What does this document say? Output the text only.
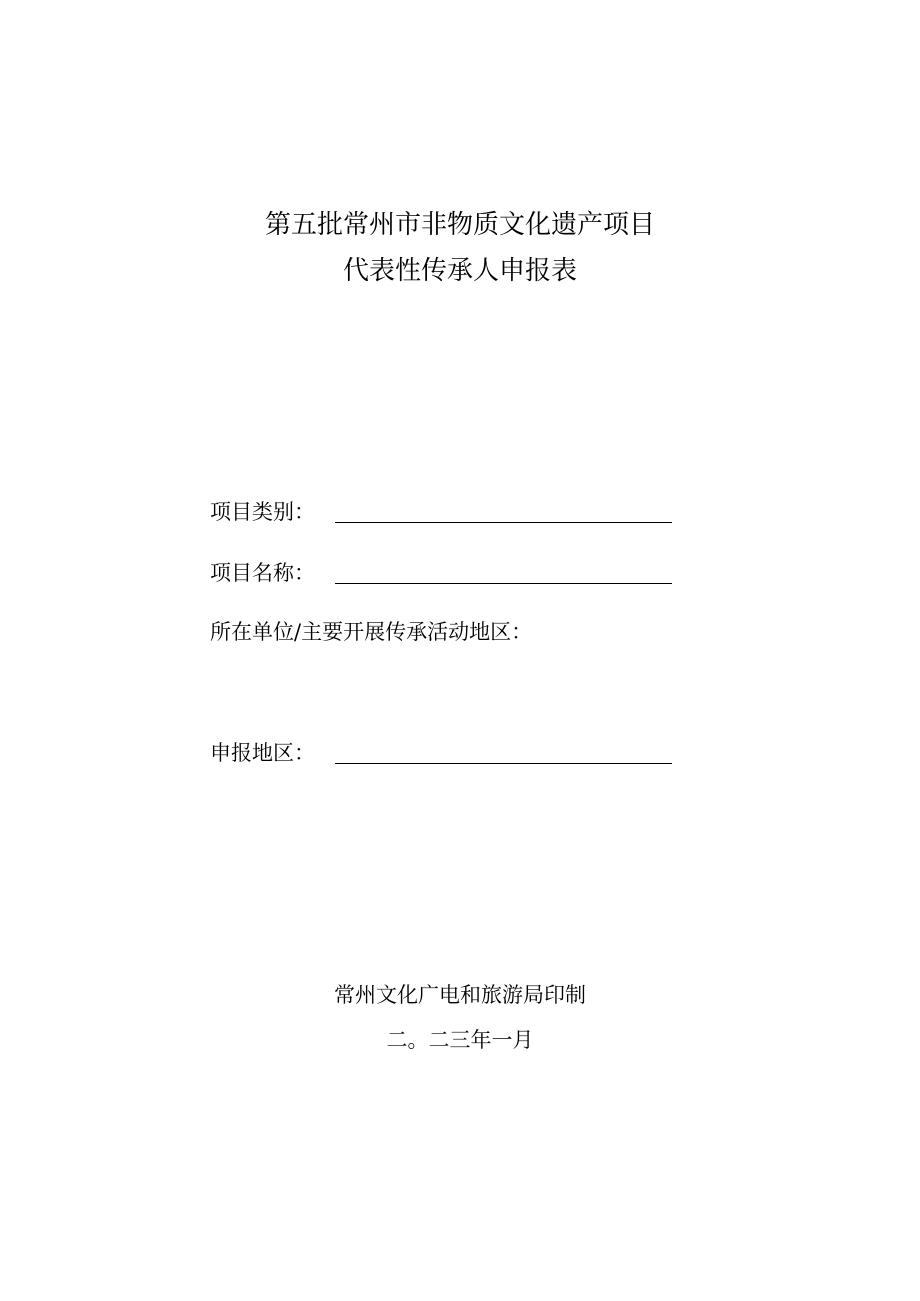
第五批常州市非物质文化遗产项目
代表性传承人申报表
项目类别：
项目名称：
所在单位/主要开展传承活动地区：
申报地区：
常州文化广电和旅游局印制
二。二三年一月
